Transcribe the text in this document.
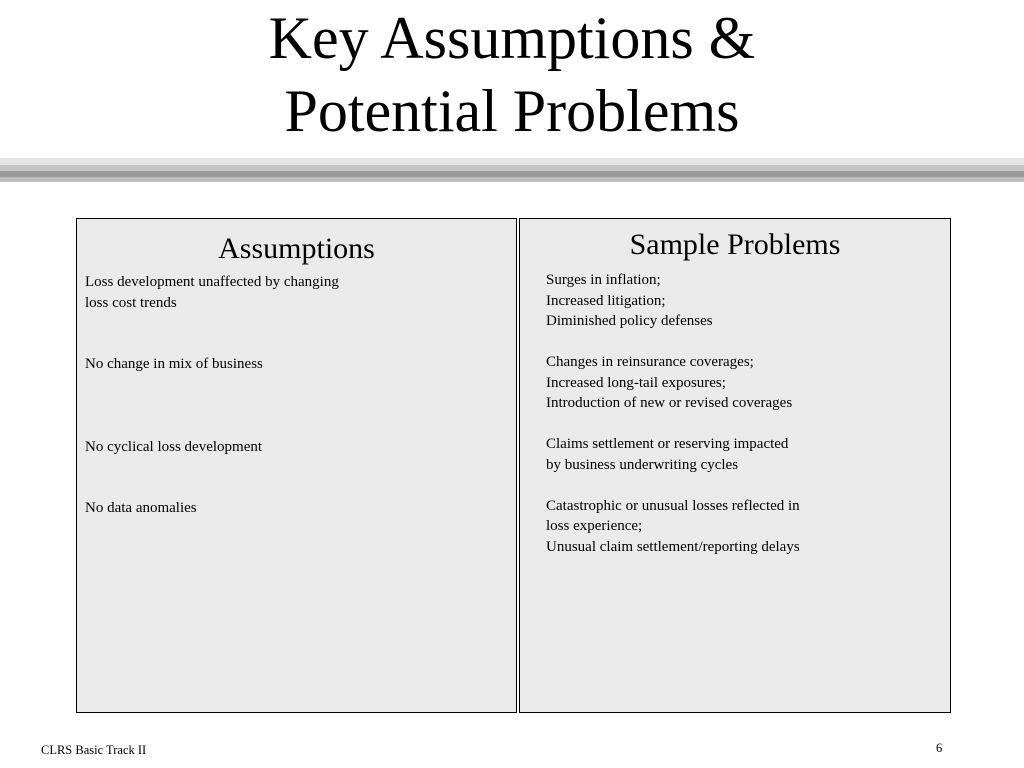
Key Assumptions &
Potential Problems
Assumptions
Loss development unaffected by changing
loss cost trends
No change in mix of business
No cyclical loss development
No data anomalies
Sample Problems
Surges in inflation;
Increased litigation;
Diminished policy defenses
Changes in reinsurance coverages;
Increased long-tail exposures;
Introduction of new or revised coverages
Claims settlement or reserving impacted
by business underwriting cycles
Catastrophic or unusual losses reflected in
loss experience;
Unusual claim settlement/reporting delays
CLRS Basic Track II	6
